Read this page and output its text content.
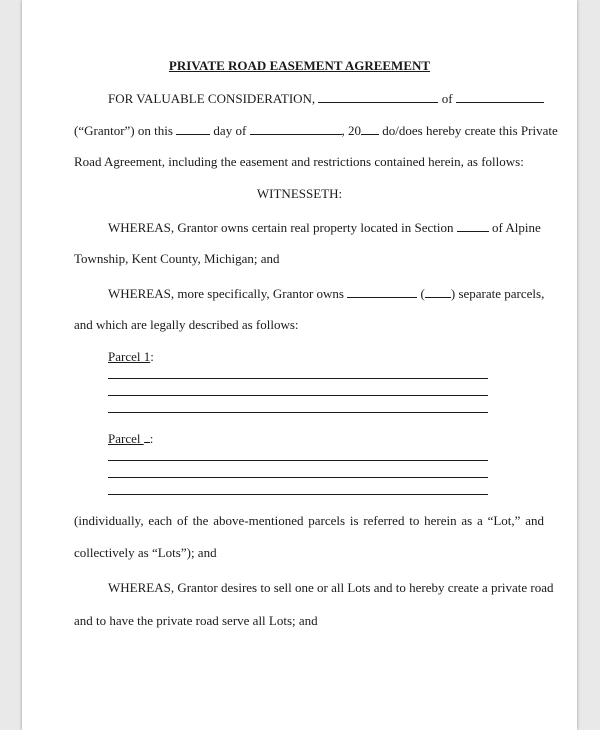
PRIVATE ROAD EASEMENT AGREEMENT
FOR VALUABLE CONSIDERATION,	of
(“Grantor”) on this	day of	, 20 do/does hereby create this Private
Road Agreement, including the easement and restrictions contained herein, as follows:
WITNESSETH:
WHEREAS, Grantor owns certain real property located in Section	of Alpine
Township, Kent County, Michigan; and
WHEREAS, more specifically, Grantor owns	( ) separate parcels,
and which are legally described as follows:
Parcel 1:
Parcel :
(individually, each of the above-mentioned parcels is referred to herein as a “Lot,” and
collectively as “Lots”); and
WHEREAS, Grantor desires to sell one or all Lots and to hereby create a private road
and to have the private road serve all Lots; and
